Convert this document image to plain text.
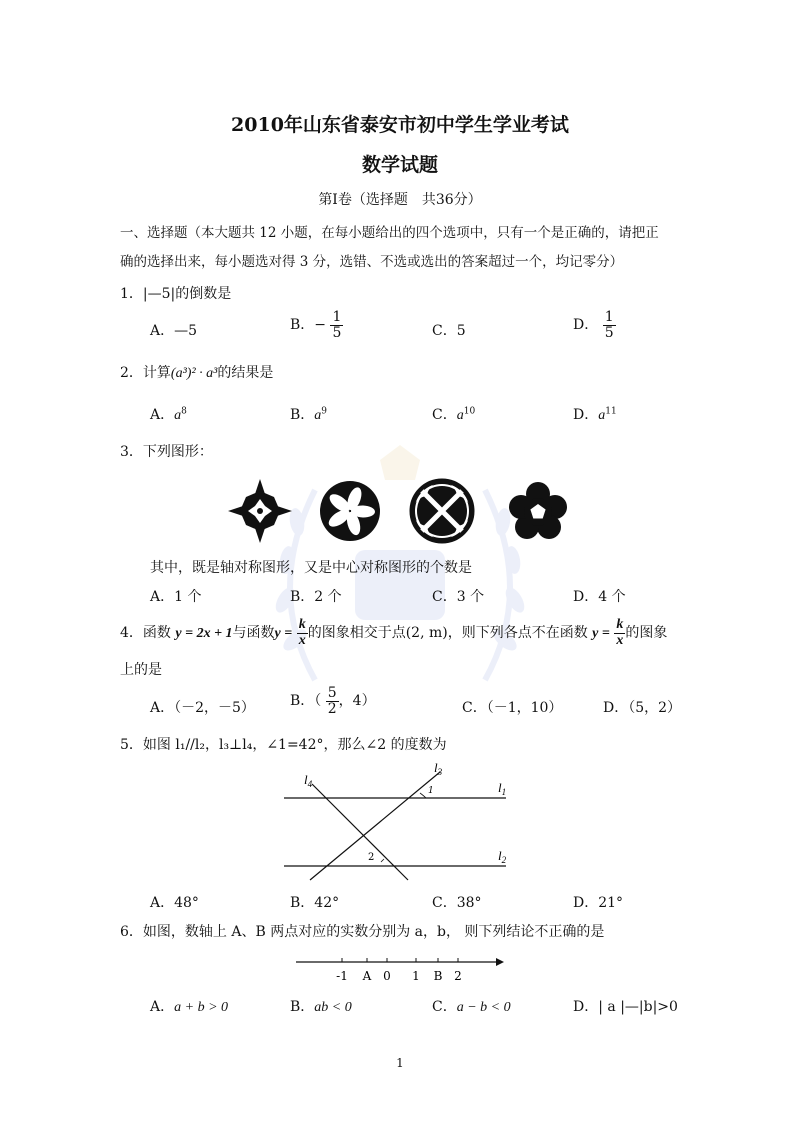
2010年山东省泰安市初中学生学业考试
数学试题
第Ⅰ卷（选择题　共36分）
一、选择题（本大题共 12 小题，在每小题给出的四个选项中，只有一个是正确的，请把正
确的选择出来，每小题选对得 3 分，选错、不选或选出的答案超过一个，均记零分）
1．|—5|的倒数是
A．—5	B．− $\frac{1}{5}$	C．5	D． $\frac{1}{5}$
2．计算(a³)² · a³的结果是
A．$a^8$	B．$a^9$	C．$a^{10}$	D．$a^{11}$
3．下列图形：
其中，既是轴对称图形，又是中心对称图形的个数是
A．1 个	B．2 个	C．3 个	D．4 个
4．函数 y = 2x + 1与函数$y = \frac{k}{x}$ 的图象相交于点(2, m)，则下列各点不在函数 $y = \frac{k}{x}$ 的图象
上的是
A．（－2，－5）	B．（ $\frac{5}{2}$ ，4）	C．（－1，10）	D．（5，2）
5．如图 l₁//l₂，l₃⊥l₄，∠1=42°，那么∠2 的度数为
$l_4$
$l_3$
$l_1$
$l_2$
1
2
A．48°	B．42°	C．38°	D．21°
6．如图，数轴上 A、B 两点对应的实数分别为 a，b， 则下列结论不正确的是
-1 A 0 1 B 2
A．a + b > 0	B．ab < 0	C．a − b < 0	D．| a |—|b|>0
1
